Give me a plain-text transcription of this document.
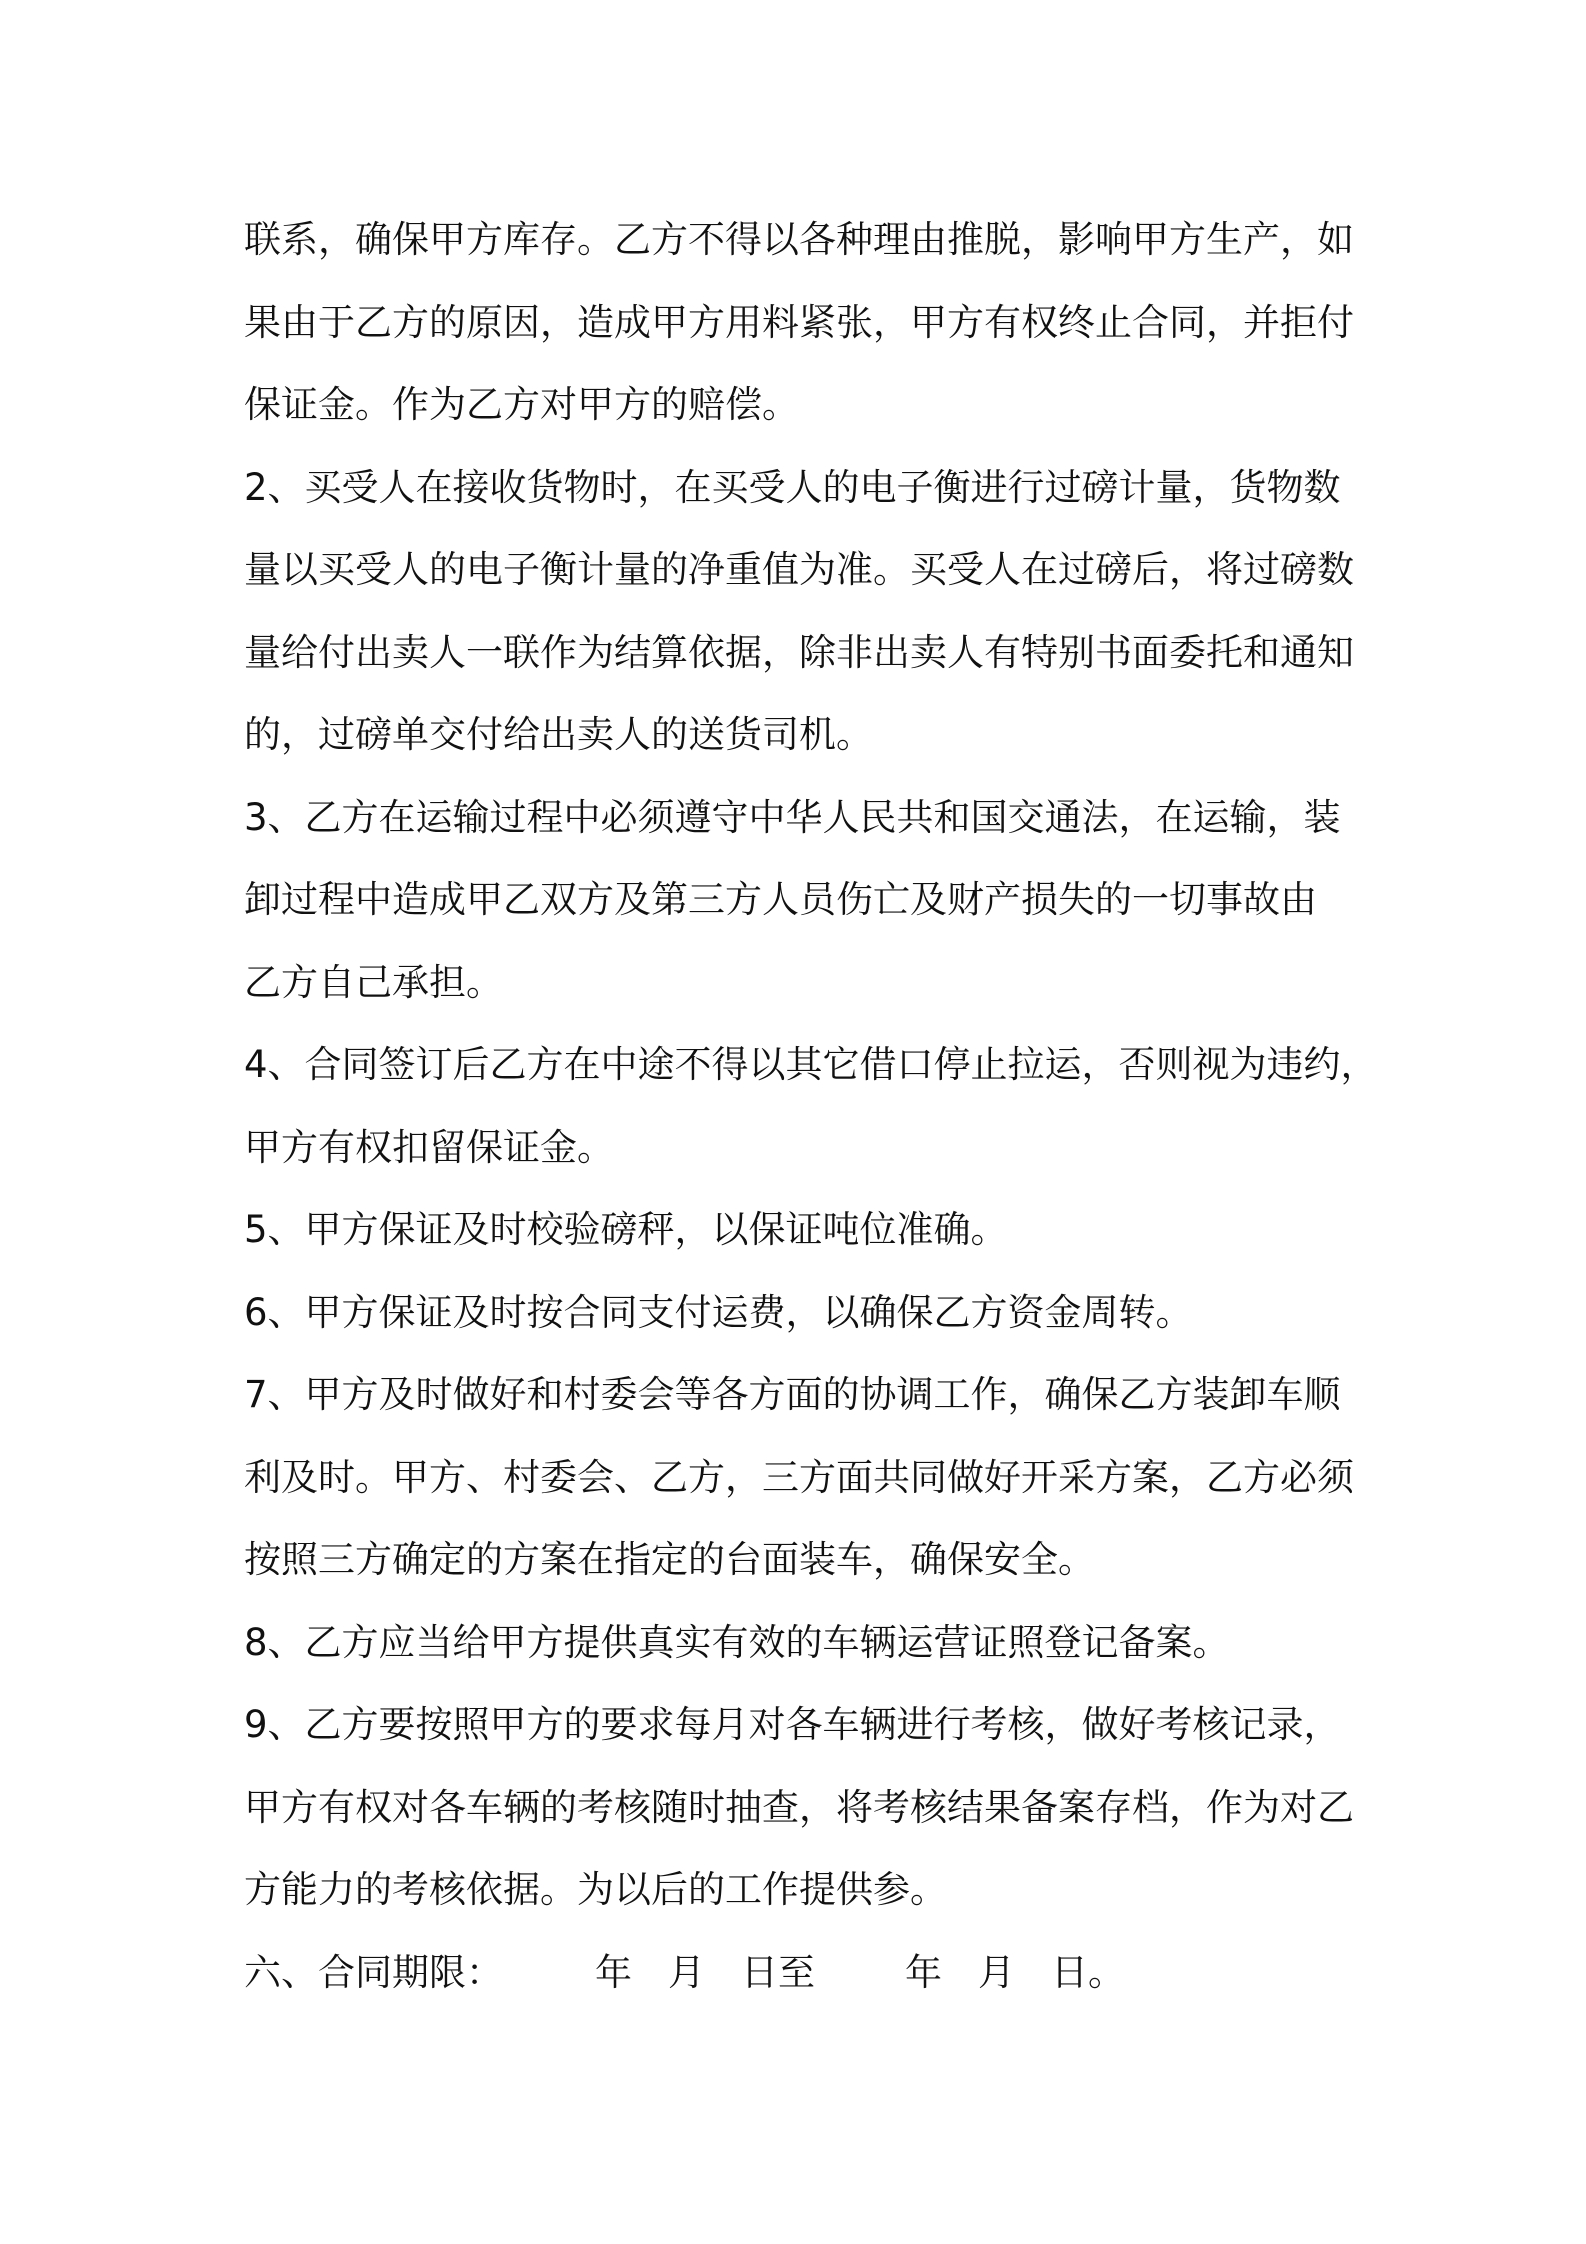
联系，确保甲方库存。乙方不得以各种理由推脱，影响甲方生产，如
果由于乙方的原因，造成甲方用料紧张，甲方有权终止合同，并拒付
保证金。作为乙方对甲方的赔偿。
2、买受人在接收货物时，在买受人的电子衡进行过磅计量，货物数
量以买受人的电子衡计量的净重值为准。买受人在过磅后，将过磅数
量给付出卖人一联作为结算依据，除非出卖人有特别书面委托和通知
的，过磅单交付给出卖人的送货司机。
3、乙方在运输过程中必须遵守中华人民共和国交通法，在运输，装
卸过程中造成甲乙双方及第三方人员伤亡及财产损失的一切事故由
乙方自己承担。
4、合同签订后乙方在中途不得以其它借口停止拉运，否则视为违约，
甲方有权扣留保证金。
5、甲方保证及时校验磅秤，以保证吨位准确。
6、甲方保证及时按合同支付运费，以确保乙方资金周转。
7、甲方及时做好和村委会等各方面的协调工作，确保乙方装卸车顺
利及时。甲方、村委会、乙方，三方面共同做好开采方案，乙方必须
按照三方确定的方案在指定的台面装车，确保安全。
8、乙方应当给甲方提供真实有效的车辆运营证照登记备案。
9、乙方要按照甲方的要求每月对各车辆进行考核，做好考核记录，
甲方有权对各车辆的考核随时抽查，将考核结果备案存档，作为对乙
方能力的考核依据。为以后的工作提供参。
六、合同期限： 年 月 日至 年 月 日。
